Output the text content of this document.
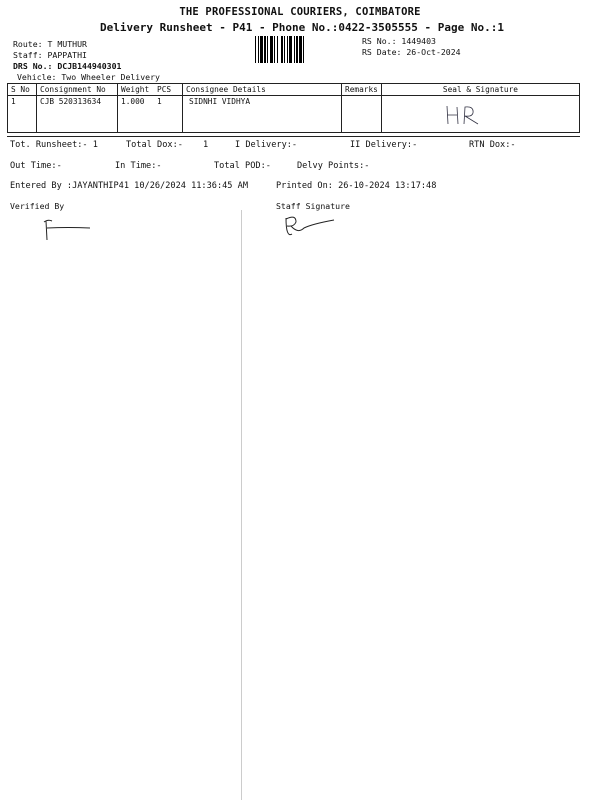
THE PROFESSIONAL COURIERS, COIMBATORE
Delivery Runsheet - P41 - Phone No.:0422-3505555 - Page No.:1
Route: T MUTHUR
Staff: PAPPATHI
DRS No.: DCJB144940301
Vehicle: Two Wheeler Delivery
RS No.: 1449403
RS Date: 26-Oct-2024
S No	Consignment No	Weight	PCS	Consignee Details	Remarks	Seal & Signature
1	CJB 520313634	1.000	1	SIDNHI VIDHYA		
Tot. Runsheet:- 1	Total Dox:- 1	I Delivery:-	II Delivery:-	RTN Dox:-
Out Time:-	In Time:-	Total POD:-	Delvy Points:-
Entered By :JAYANTHIP41 10/26/2024 11:36:45 AM	Printed On: 26-10-2024 13:17:48
Verified By	Staff Signature
